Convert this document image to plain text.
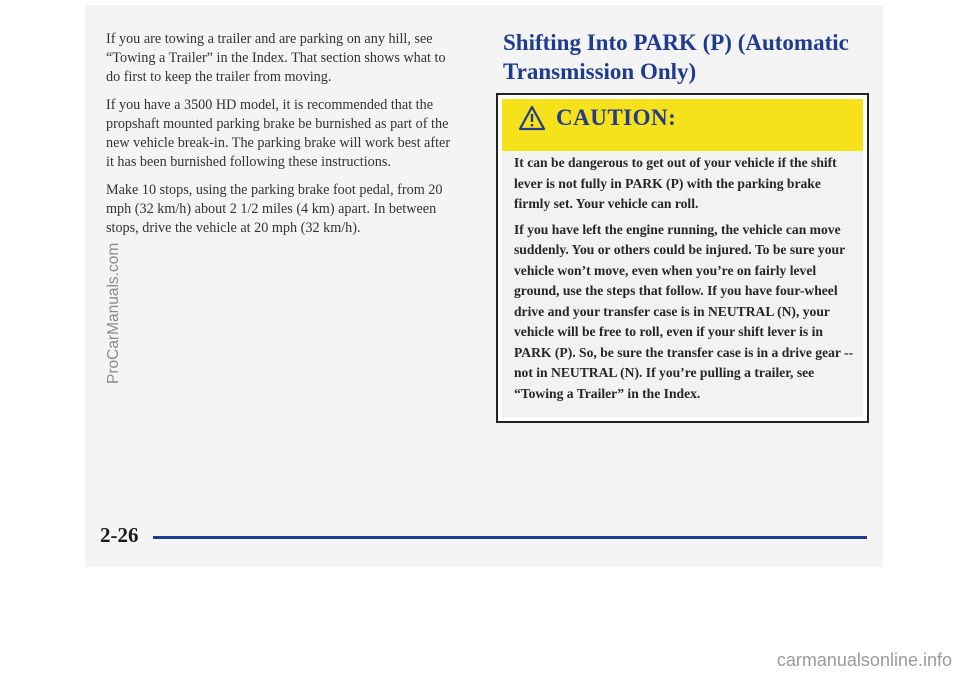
If you are towing a trailer and are parking on any hill, see “Towing a Trailer” in the Index. That section shows what to do first to keep the trailer from moving.

If you have a 3500 HD model, it is recommended that the propshaft mounted parking brake be burnished as part of the new vehicle break-in. The parking brake will work best after it has been burnished following these instructions.

Make 10 stops, using the parking brake foot pedal, from 20 mph (32 km/h) about 2 1/2 miles (4 km) apart. In between stops, drive the vehicle at 20 mph (32 km/h).

Shifting Into PARK (P) (Automatic Transmission Only)
CAUTION:

It can be dangerous to get out of your vehicle if the shift lever is not fully in PARK (P) with the parking brake firmly set. Your vehicle can roll.

If you have left the engine running, the vehicle can move suddenly. You or others could be injured. To be sure your vehicle won’t move, even when you’re on fairly level ground, use the steps that follow. If you have four-wheel drive and your transfer case is in NEUTRAL (N), your vehicle will be free to roll, even if your shift lever is in PARK (P). So, be sure the transfer case is in a drive gear -- not in NEUTRAL (N). If you’re pulling a trailer, see “Towing a Trailer” in the Index.

2-26
ProCarManuals.com
carmanualsonline.info
